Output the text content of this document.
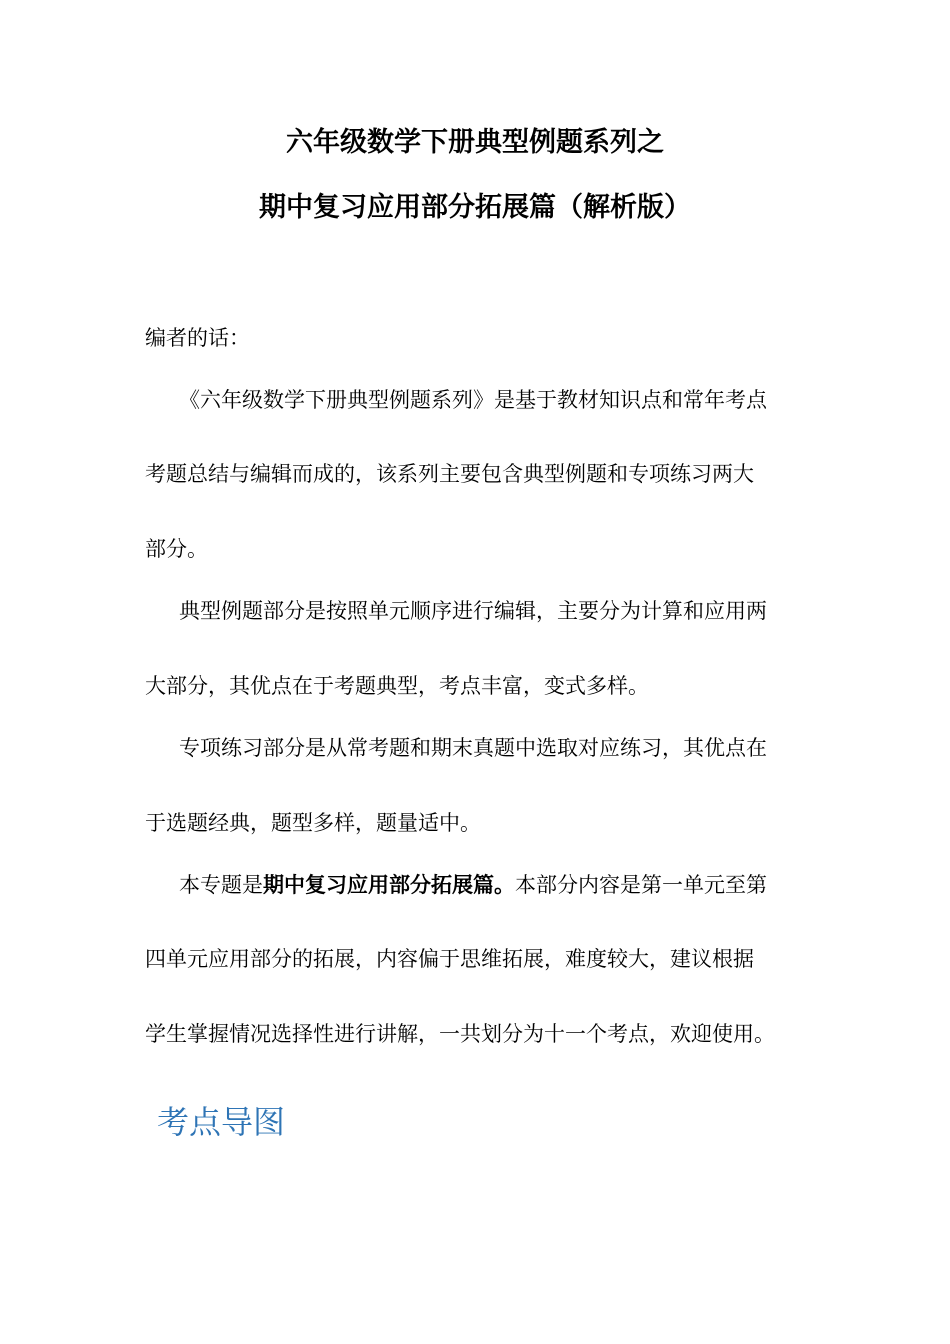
六年级数学下册典型例题系列之
期中复习应用部分拓展篇（解析版）
编者的话：
《六年级数学下册典型例题系列》是基于教材知识点和常年考点
考题总结与编辑而成的，该系列主要包含典型例题和专项练习两大
部分。
典型例题部分是按照单元顺序进行编辑，主要分为计算和应用两
大部分，其优点在于考题典型，考点丰富，变式多样。
专项练习部分是从常考题和期末真题中选取对应练习，其优点在
于选题经典，题型多样，题量适中。
本专题是期中复习应用部分拓展篇。本部分内容是第一单元至第
四单元应用部分的拓展，内容偏于思维拓展，难度较大，建议根据
学生掌握情况选择性进行讲解，一共划分为十一个考点，欢迎使用。
考点导图
